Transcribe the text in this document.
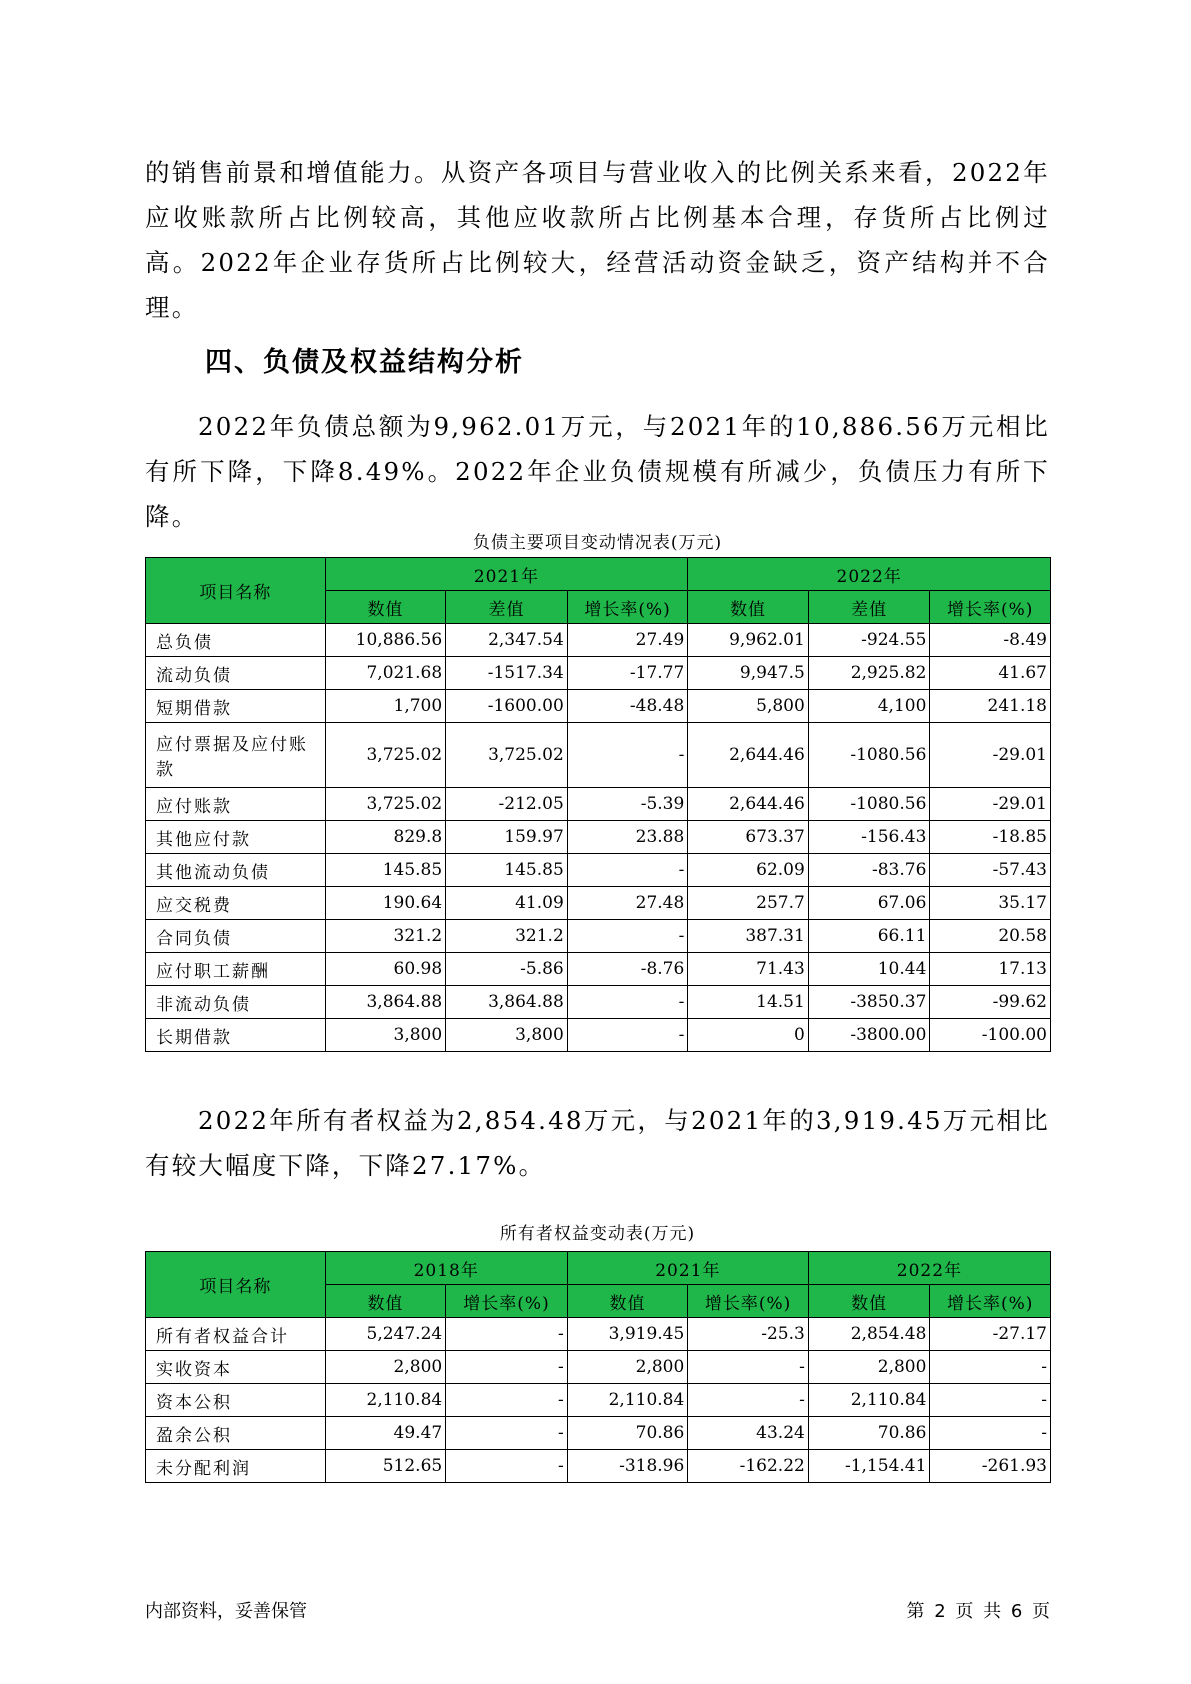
的销售前景和增值能力。从资产各项目与营业收入的比例关系来看，2022年应收账款所占比例较高，其他应收款所占比例基本合理，存货所占比例过高。2022年企业存货所占比例较大，经营活动资金缺乏，资产结构并不合理。

四、负债及权益结构分析

2022年负债总额为9,962.01万元，与2021年的10,886.56万元相比有所下降，下降8.49%。2022年企业负债规模有所减少，负债压力有所下降。

负债主要项目变动情况表(万元)
项目名称	2021年			2022年		
	数值	差值	增长率(%)	数值	差值	增长率(%)
总负债	10,886.56	2,347.54	27.49	9,962.01	-924.55	-8.49
流动负债	7,021.68	-1517.34	-17.77	9,947.5	2,925.82	41.67
短期借款	1,700	-1600.00	-48.48	5,800	4,100	241.18
应付票据及应付账款	3,725.02	3,725.02	-	2,644.46	-1080.56	-29.01
应付账款	3,725.02	-212.05	-5.39	2,644.46	-1080.56	-29.01
其他应付款	829.8	159.97	23.88	673.37	-156.43	-18.85
其他流动负债	145.85	145.85	-	62.09	-83.76	-57.43
应交税费	190.64	41.09	27.48	257.7	67.06	35.17
合同负债	321.2	321.2	-	387.31	66.11	20.58
应付职工薪酬	60.98	-5.86	-8.76	71.43	10.44	17.13
非流动负债	3,864.88	3,864.88	-	14.51	-3850.37	-99.62
长期借款	3,800	3,800	-	0	-3800.00	-100.00

2022年所有者权益为2,854.48万元，与2021年的3,919.45万元相比有较大幅度下降，下降27.17%。

所有者权益变动表(万元)
项目名称	2018年		2021年		2022年	
	数值	增长率(%)	数值	增长率(%)	数值	增长率(%)
所有者权益合计	5,247.24	-	3,919.45	-25.3	2,854.48	-27.17
实收资本	2,800	-	2,800	-	2,800	-
资本公积	2,110.84	-	2,110.84	-	2,110.84	-
盈余公积	49.47	-	70.86	43.24	70.86	-
未分配利润	512.65	-	-318.96	-162.22	-1,154.41	-261.93
内部资料，妥善保管	第 2 页 共 6 页
